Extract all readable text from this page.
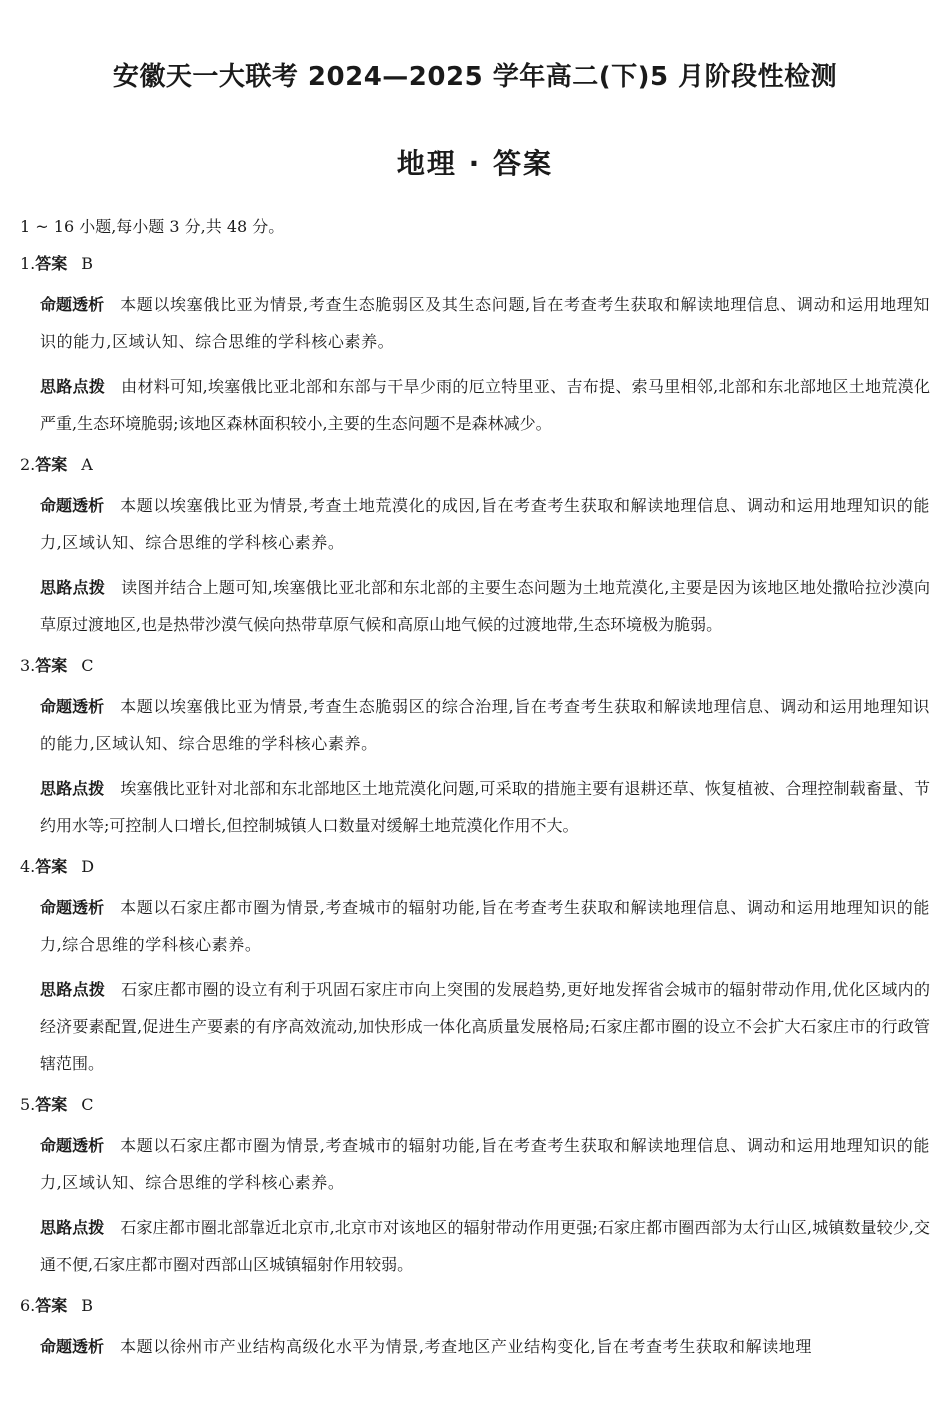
安徽天一大联考 2024—2025 学年高二(下)5 月阶段性检测
地理 · 答案

1 ~ 16 小题,每小题 3 分,共 48 分。

1.答案 B

命题透析 本题以埃塞俄比亚为情景,考查生态脆弱区及其生态问题,旨在考查考生获取和解读地理信息、调动和运用地理知识的能力,区域认知、综合思维的学科核心素养。

思路点拨 由材料可知,埃塞俄比亚北部和东部与干旱少雨的厄立特里亚、吉布提、索马里相邻,北部和东北部地区土地荒漠化严重,生态环境脆弱;该地区森林面积较小,主要的生态问题不是森林减少。

2.答案 A

命题透析 本题以埃塞俄比亚为情景,考查土地荒漠化的成因,旨在考查考生获取和解读地理信息、调动和运用地理知识的能力,区域认知、综合思维的学科核心素养。

思路点拨 读图并结合上题可知,埃塞俄比亚北部和东北部的主要生态问题为土地荒漠化,主要是因为该地区地处撒哈拉沙漠向草原过渡地区,也是热带沙漠气候向热带草原气候和高原山地气候的过渡地带,生态环境极为脆弱。

3.答案 C

命题透析 本题以埃塞俄比亚为情景,考查生态脆弱区的综合治理,旨在考查考生获取和解读地理信息、调动和运用地理知识的能力,区域认知、综合思维的学科核心素养。

思路点拨 埃塞俄比亚针对北部和东北部地区土地荒漠化问题,可采取的措施主要有退耕还草、恢复植被、合理控制载畜量、节约用水等;可控制人口增长,但控制城镇人口数量对缓解土地荒漠化作用不大。

4.答案 D

命题透析 本题以石家庄都市圈为情景,考查城市的辐射功能,旨在考查考生获取和解读地理信息、调动和运用地理知识的能力,综合思维的学科核心素养。

思路点拨 石家庄都市圈的设立有利于巩固石家庄市向上突围的发展趋势,更好地发挥省会城市的辐射带动作用,优化区域内的经济要素配置,促进生产要素的有序高效流动,加快形成一体化高质量发展格局;石家庄都市圈的设立不会扩大石家庄市的行政管辖范围。

5.答案 C

命题透析 本题以石家庄都市圈为情景,考查城市的辐射功能,旨在考查考生获取和解读地理信息、调动和运用地理知识的能力,区域认知、综合思维的学科核心素养。

思路点拨 石家庄都市圈北部靠近北京市,北京市对该地区的辐射带动作用更强;石家庄都市圈西部为太行山区,城镇数量较少,交通不便,石家庄都市圈对西部山区城镇辐射作用较弱。

6.答案 B

命题透析 本题以徐州市产业结构高级化水平为情景,考查地区产业结构变化,旨在考查考生获取和解读地理
